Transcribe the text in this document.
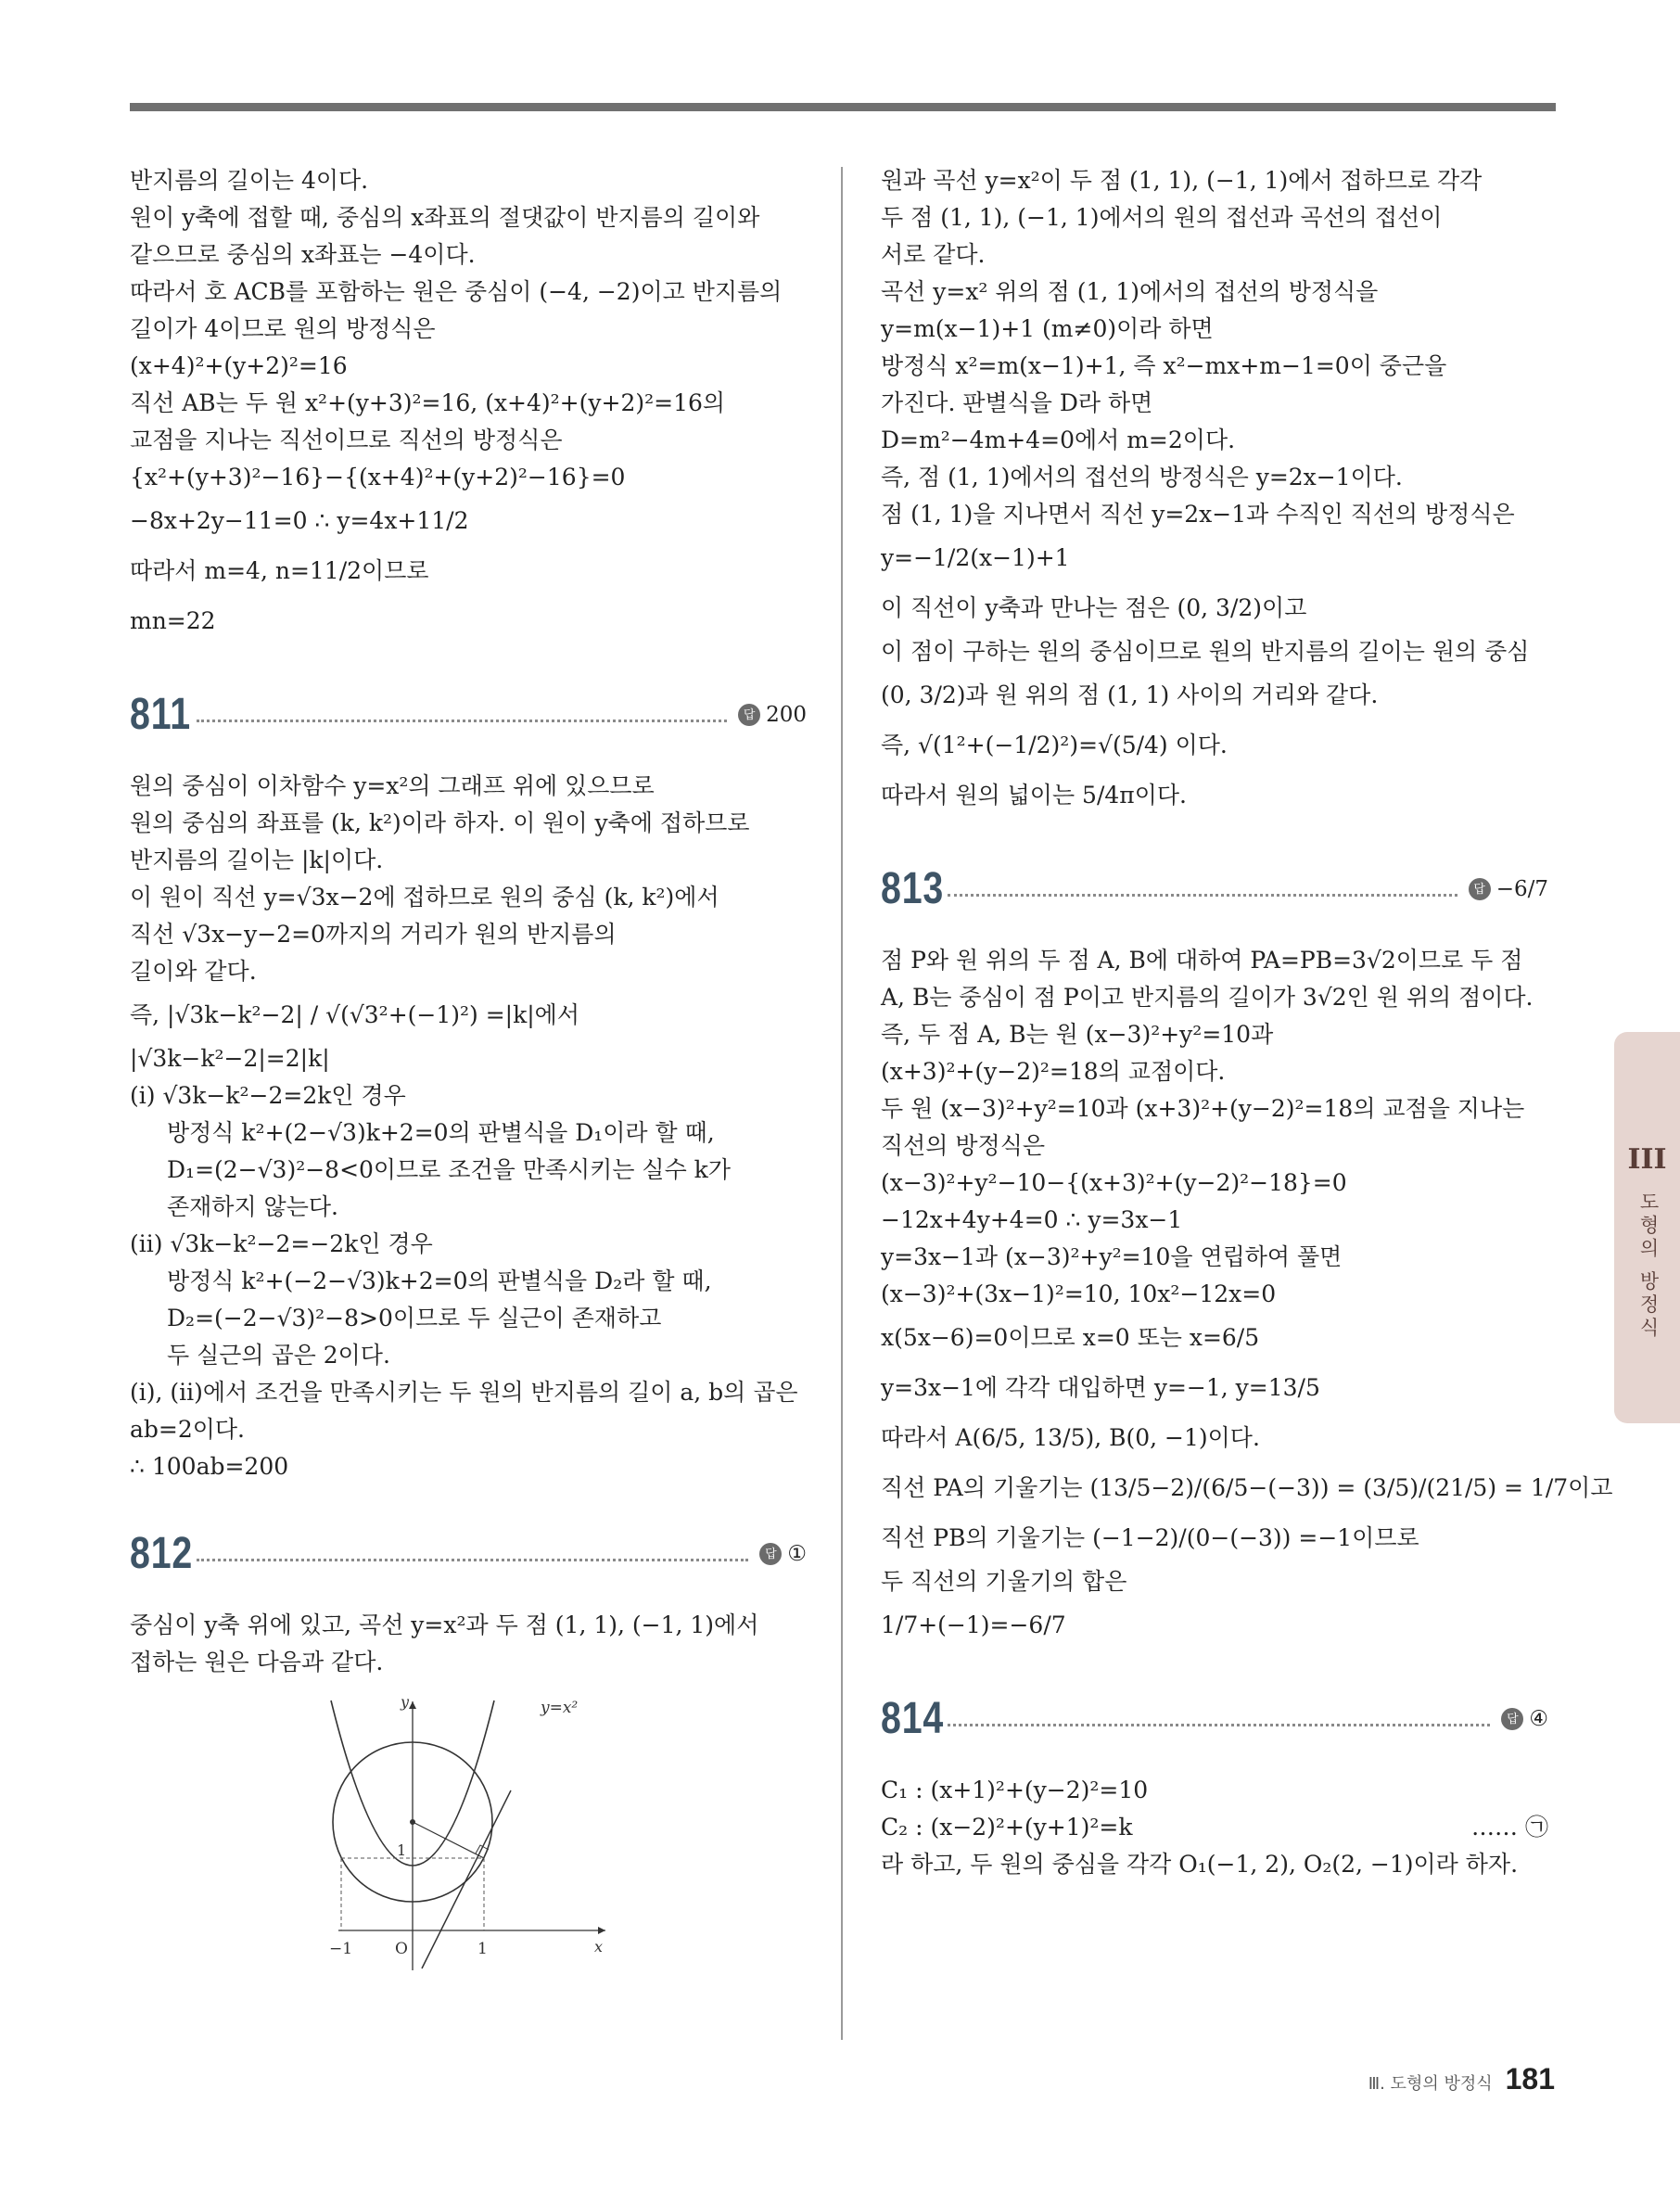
반지름의 길이는 4이다.

원이 y축에 접할 때, 중심의 x좌표의 절댓값이 반지름의 길이와

같으므로 중심의 x좌표는 −4이다.

따라서 호 ACB를 포함하는 원은 중심이 (−4, −2)이고 반지름의

길이가 4이므로 원의 방정식은

(x+4)²+(y+2)²=16

직선 AB는 두 원 x²+(y+3)²=16, (x+4)²+(y+2)²=16의

교점을 지나는 직선이므로 직선의 방정식은

{x²+(y+3)²−16}−{(x+4)²+(y+2)²−16}=0

−8x+2y−11=0 ∴ y=4x+11/2

따라서 m=4, n=11/2이므로

mn=22

811	답 200

원의 중심이 이차함수 y=x²의 그래프 위에 있으므로

원의 중심의 좌표를 (k, k²)이라 하자. 이 원이 y축에 접하므로

반지름의 길이는 |k|이다.

이 원이 직선 y=√3x−2에 접하므로 원의 중심 (k, k²)에서

직선 √3x−y−2=0까지의 거리가 원의 반지름의

길이와 같다.

즉, |√3k−k²−2| / √(√3²+(−1)²) =|k|에서

|√3k−k²−2|=2|k|

(i) √3k−k²−2=2k인 경우

방정식 k²+(2−√3)k+2=0의 판별식을 D₁이라 할 때,

D₁=(2−√3)²−8<0이므로 조건을 만족시키는 실수 k가

존재하지 않는다.

(ii) √3k−k²−2=−2k인 경우

방정식 k²+(−2−√3)k+2=0의 판별식을 D₂라 할 때,

D₂=(−2−√3)²−8>0이므로 두 실근이 존재하고

두 실근의 곱은 2이다.

(i), (ii)에서 조건을 만족시키는 두 원의 반지름의 길이 a, b의 곱은

ab=2이다.

∴ 100ab=200

812	답 ①

중심이 y축 위에 있고, 곡선 y=x²과 두 점 (1, 1), (−1, 1)에서

접하는 원은 다음과 같다.

y=x²
y
x
O
−1	1
1

원과 곡선 y=x²이 두 점 (1, 1), (−1, 1)에서 접하므로 각각

두 점 (1, 1), (−1, 1)에서의 원의 접선과 곡선의 접선이

서로 같다.

곡선 y=x² 위의 점 (1, 1)에서의 접선의 방정식을

y=m(x−1)+1 (m≠0)이라 하면

방정식 x²=m(x−1)+1, 즉 x²−mx+m−1=0이 중근을

가진다. 판별식을 D라 하면

D=m²−4m+4=0에서 m=2이다.

즉, 점 (1, 1)에서의 접선의 방정식은 y=2x−1이다.

점 (1, 1)을 지나면서 직선 y=2x−1과 수직인 직선의 방정식은

y=−1/2(x−1)+1

이 직선이 y축과 만나는 점은 (0, 3/2)이고

이 점이 구하는 원의 중심이므로 원의 반지름의 길이는 원의 중심

(0, 3/2)과 원 위의 점 (1, 1) 사이의 거리와 같다.

즉, √(1²+(−1/2)²)=√(5/4) 이다.

따라서 원의 넓이는 5/4π이다.

813	답 −6/7

점 P와 원 위의 두 점 A, B에 대하여 PA=PB=3√2이므로 두 점

A, B는 중심이 점 P이고 반지름의 길이가 3√2인 원 위의 점이다.

즉, 두 점 A, B는 원 (x−3)²+y²=10과

(x+3)²+(y−2)²=18의 교점이다.

두 원 (x−3)²+y²=10과 (x+3)²+(y−2)²=18의 교점을 지나는

직선의 방정식은

(x−3)²+y²−10−{(x+3)²+(y−2)²−18}=0

−12x+4y+4=0 ∴ y=3x−1

y=3x−1과 (x−3)²+y²=10을 연립하여 풀면

(x−3)²+(3x−1)²=10, 10x²−12x=0

x(5x−6)=0이므로 x=0 또는 x=6/5

y=3x−1에 각각 대입하면 y=−1, y=13/5

따라서 A(6/5, 13/5), B(0, −1)이다.

직선 PA의 기울기는 (13/5−2)/(6/5−(−3)) = (3/5)/(21/5) = 1/7이고

직선 PB의 기울기는 (−1−2)/(0−(−3)) =−1이므로

두 직선의 기울기의 합은

1/7+(−1)=−6/7

814	답 ④

C₁ : (x+1)²+(y−2)²=10

C₂ : (x−2)²+(y+1)²=k	…… ㉠

라 하고, 두 원의 중심을 각각 O₁(−1, 2), O₂(2, −1)이라 하자.

III
도형의 방정식
Ⅲ. 도형의 방정식 181
